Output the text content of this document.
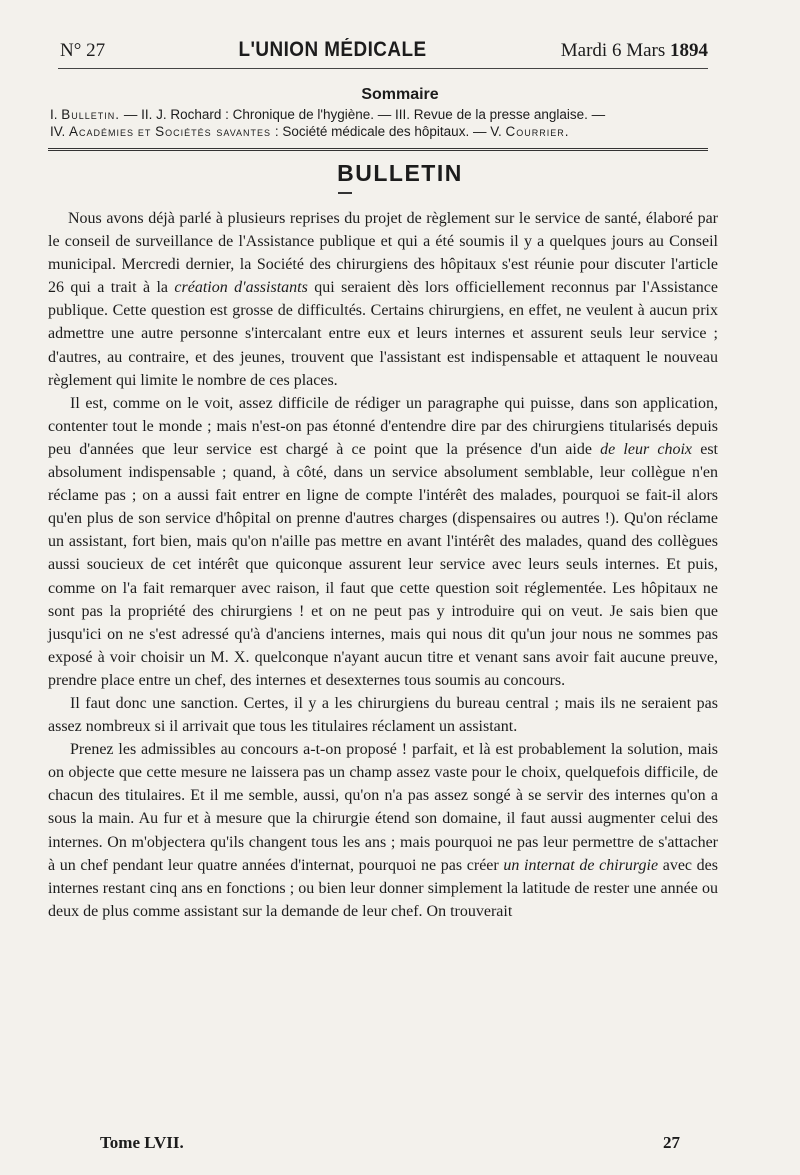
N° 27	L'UNION MÉDICALE	Mardi 6 Mars 1894
Sommaire
I. Bulletin. — II. J. Rochard : Chronique de l'hygiène. — III. Revue de la presse anglaise. —
IV. Académies et Sociétés savantes : Société médicale des hôpitaux. — V. Courrier.
BULLETIN

Nous avons déjà parlé à plusieurs reprises du projet de règlement sur le service de santé, élaboré par le conseil de surveillance de l'Assistance publique et qui a été soumis il y a quelques jours au Conseil municipal. Mercredi dernier, la Société des chirurgiens des hôpitaux s'est réunie pour discuter l'article 26 qui a trait à la création d'assistants qui seraient dès lors officiellement reconnus par l'Assistance publique. Cette question est grosse de difficultés. Certains chirurgiens, en effet, ne veulent à aucun prix admettre une autre personne s'intercalant entre eux et leurs internes et assurent seuls leur service ; d'autres, au contraire, et des jeunes, trouvent que l'assistant est indispensable et attaquent le nouveau règlement qui limite le nombre de ces places.

Il est, comme on le voit, assez difficile de rédiger un paragraphe qui puisse, dans son application, contenter tout le monde ; mais n'est-on pas étonné d'entendre dire par des chirurgiens titularisés depuis peu d'années que leur service est chargé à ce point que la présence d'un aide de leur choix est absolument indispensable ; quand, à côté, dans un service absolument semblable, leur collègue n'en réclame pas ; on a aussi fait entrer en ligne de compte l'intérêt des malades, pourquoi se fait-il alors qu'en plus de son service d'hôpital on prenne d'autres charges (dispensaires ou autres !). Qu'on réclame un assistant, fort bien, mais qu'on n'aille pas mettre en avant l'intérêt des malades, quand des collègues aussi soucieux de cet intérêt que quiconque assurent leur service avec leurs seuls internes. Et puis, comme on l'a fait remarquer avec raison, il faut que cette question soit réglementée. Les hôpitaux ne sont pas la propriété des chirurgiens ! et on ne peut pas y introduire qui on veut. Je sais bien que jusqu'ici on ne s'est adressé qu'à d'anciens internes, mais qui nous dit qu'un jour nous ne sommes pas exposé à voir choisir un M. X. quelconque n'ayant aucun titre et venant sans avoir fait aucune preuve, prendre place entre un chef, des internes et desexternes tous soumis au concours.

Il faut donc une sanction. Certes, il y a les chirurgiens du bureau central ; mais ils ne seraient pas assez nombreux si il arrivait que tous les titulaires réclament un assistant.

Prenez les admissibles au concours a-t-on proposé ! parfait, et là est probablement la solution, mais on objecte que cette mesure ne laissera pas un champ assez vaste pour le choix, quelquefois difficile, de chacun des titulaires. Et il me semble, aussi, qu'on n'a pas assez songé à se servir des internes qu'on a sous la main. Au fur et à mesure que la chirurgie étend son domaine, il faut aussi augmenter celui des internes. On m'objectera qu'ils changent tous les ans ; mais pourquoi ne pas leur permettre de s'attacher à un chef pendant leur quatre années d'internat, pourquoi ne pas créer un internat de chirurgie avec des internes restant cinq ans en fonctions ; ou bien leur donner simplement la latitude de rester une année ou deux de plus comme assistant sur la demande de leur chef. On trouverait

Tome LVII.	27
